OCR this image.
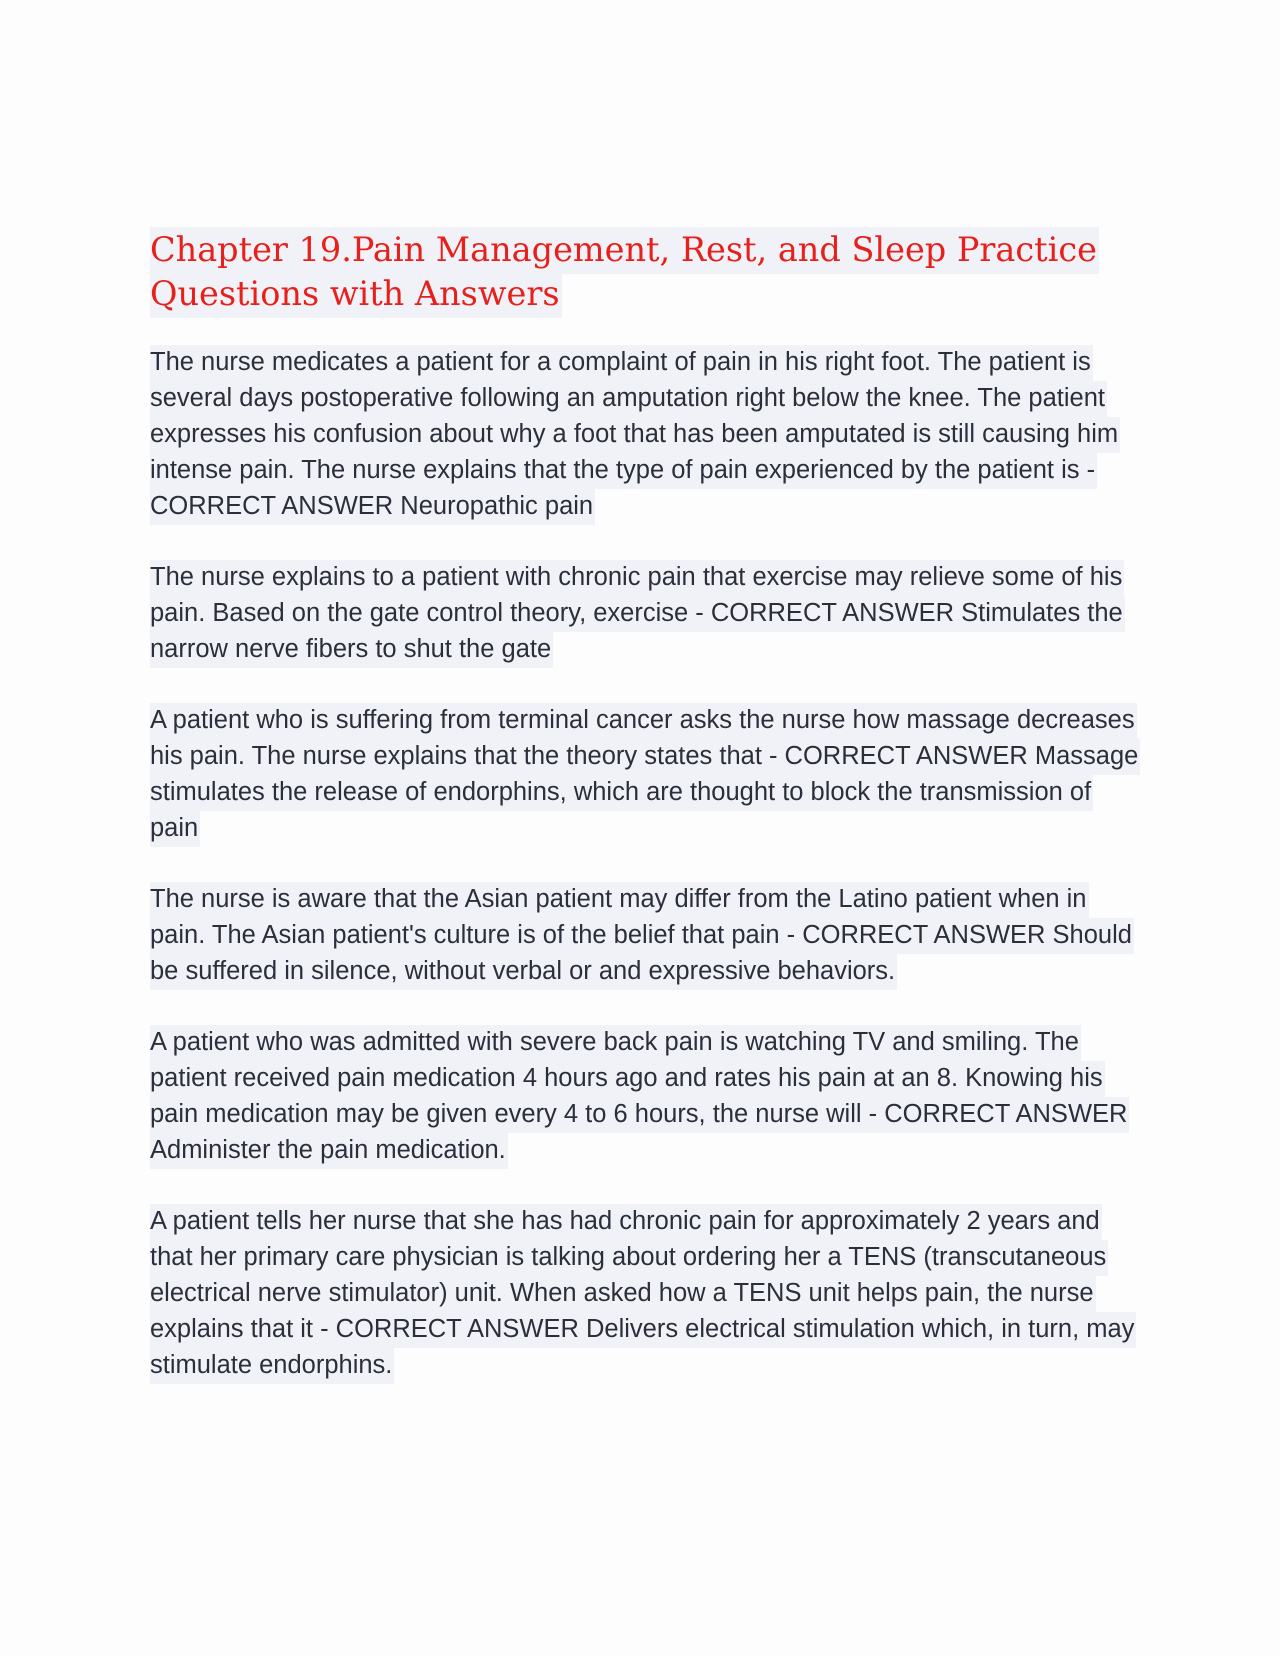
Chapter 19.Pain Management, Rest, and Sleep Practice Questions with Answers

The nurse medicates a patient for a complaint of pain in his right foot. The patient is several days postoperative following an amputation right below the knee. The patient expresses his confusion about why a foot that has been amputated is still causing him intense pain. The nurse explains that the type of pain experienced by the patient is - CORRECT ANSWER Neuropathic pain

The nurse explains to a patient with chronic pain that exercise may relieve some of his pain. Based on the gate control theory, exercise - CORRECT ANSWER Stimulates the narrow nerve fibers to shut the gate

A patient who is suffering from terminal cancer asks the nurse how massage decreases his pain. The nurse explains that the theory states that - CORRECT ANSWER Massage stimulates the release of endorphins, which are thought to block the transmission of pain

The nurse is aware that the Asian patient may differ from the Latino patient when in pain. The Asian patient's culture is of the belief that pain - CORRECT ANSWER Should be suffered in silence, without verbal or and expressive behaviors.

A patient who was admitted with severe back pain is watching TV and smiling. The patient received pain medication 4 hours ago and rates his pain at an 8. Knowing his pain medication may be given every 4 to 6 hours, the nurse will - CORRECT ANSWER Administer the pain medication.

A patient tells her nurse that she has had chronic pain for approximately 2 years and that her primary care physician is talking about ordering her a TENS (transcutaneous electrical nerve stimulator) unit. When asked how a TENS unit helps pain, the nurse explains that it - CORRECT ANSWER Delivers electrical stimulation which, in turn, may stimulate endorphins.
